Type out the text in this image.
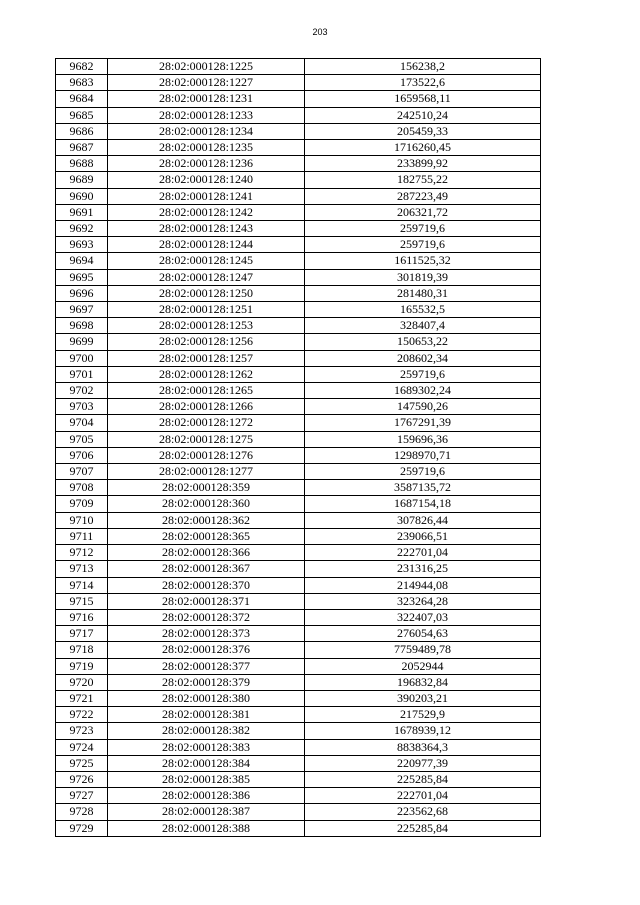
203
9682	28:02:000128:1225	156238,2
9683	28:02:000128:1227	173522,6
9684	28:02:000128:1231	1659568,11
9685	28:02:000128:1233	242510,24
9686	28:02:000128:1234	205459,33
9687	28:02:000128:1235	1716260,45
9688	28:02:000128:1236	233899,92
9689	28:02:000128:1240	182755,22
9690	28:02:000128:1241	287223,49
9691	28:02:000128:1242	206321,72
9692	28:02:000128:1243	259719,6
9693	28:02:000128:1244	259719,6
9694	28:02:000128:1245	1611525,32
9695	28:02:000128:1247	301819,39
9696	28:02:000128:1250	281480,31
9697	28:02:000128:1251	165532,5
9698	28:02:000128:1253	328407,4
9699	28:02:000128:1256	150653,22
9700	28:02:000128:1257	208602,34
9701	28:02:000128:1262	259719,6
9702	28:02:000128:1265	1689302,24
9703	28:02:000128:1266	147590,26
9704	28:02:000128:1272	1767291,39
9705	28:02:000128:1275	159696,36
9706	28:02:000128:1276	1298970,71
9707	28:02:000128:1277	259719,6
9708	28:02:000128:359	3587135,72
9709	28:02:000128:360	1687154,18
9710	28:02:000128:362	307826,44
9711	28:02:000128:365	239066,51
9712	28:02:000128:366	222701,04
9713	28:02:000128:367	231316,25
9714	28:02:000128:370	214944,08
9715	28:02:000128:371	323264,28
9716	28:02:000128:372	322407,03
9717	28:02:000128:373	276054,63
9718	28:02:000128:376	7759489,78
9719	28:02:000128:377	2052944
9720	28:02:000128:379	196832,84
9721	28:02:000128:380	390203,21
9722	28:02:000128:381	217529,9
9723	28:02:000128:382	1678939,12
9724	28:02:000128:383	8838364,3
9725	28:02:000128:384	220977,39
9726	28:02:000128:385	225285,84
9727	28:02:000128:386	222701,04
9728	28:02:000128:387	223562,68
9729	28:02:000128:388	225285,84
